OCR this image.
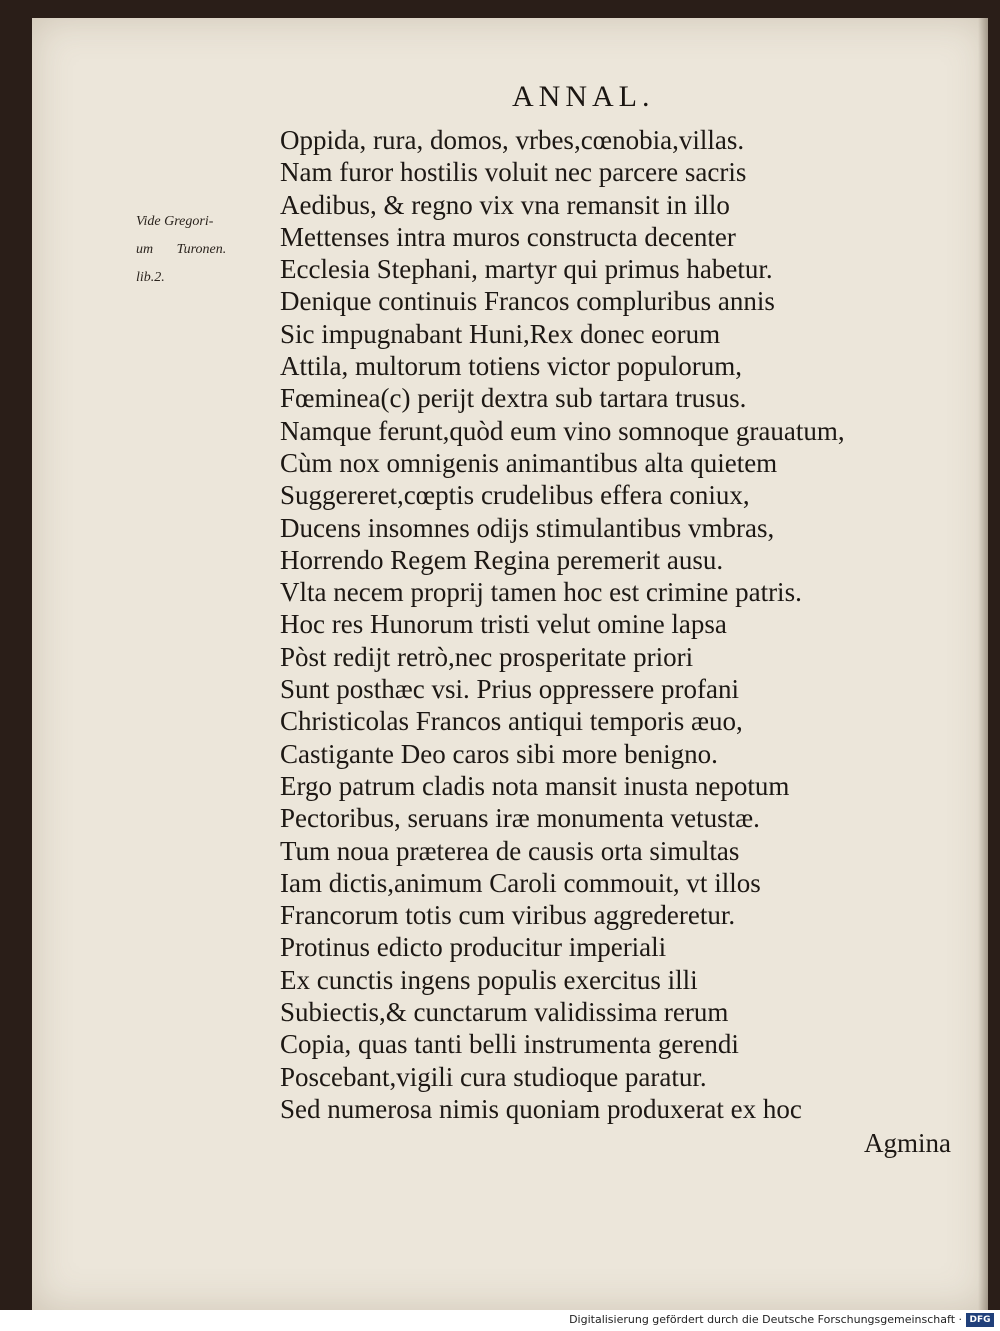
ANNAL.
Vide Gregori-
um Turonen.
lib.2.
Oppida, rura, domos, vrbes,cœnobia,villas.
Nam furor hostilis voluit nec parcere sacris
Aedibus, & regno vix vna remansit in illo
Mettenses intra muros constructa decenter
Ecclesia Stephani, martyr qui primus habetur.
Denique continuis Francos compluribus annis
Sic impugnabant Huni,Rex donec eorum
Attila, multorum totiens victor populorum,
Fœminea(c) perijt dextra sub tartara trusus.
Namque ferunt,quòd eum vino somnoque grauatum,
Cùm nox omnigenis animantibus alta quietem
Suggereret,cœptis crudelibus effera coniux,
Ducens insomnes odijs stimulantibus vmbras,
Horrendo Regem Regina peremerit ausu.
Vlta necem proprij tamen hoc est crimine patris.
Hoc res Hunorum tristi velut omine lapsa
Pòst redijt retrò,nec prosperitate priori
Sunt posthæc vsi. Prius oppressere profani
Christicolas Francos antiqui temporis æuo,
Castigante Deo caros sibi more benigno.
Ergo patrum cladis nota mansit inusta nepotum
Pectoribus, seruans iræ monumenta vetustæ.
Tum noua præterea de causis orta simultas
Iam dictis,animum Caroli commouit, vt illos
Francorum totis cum viribus aggrederetur.
Protinus edicto producitur imperiali
Ex cunctis ingens populis exercitus illi
Subiectis,& cunctarum validissima rerum
Copia, quas tanti belli instrumenta gerendi
Poscebant,vigili cura studioque paratur.
Sed numerosa nimis quoniam produxerat ex hoc
Agmina
Digitalisierung gefördert durch die Deutsche Forschungsgemeinschaft · DFG
